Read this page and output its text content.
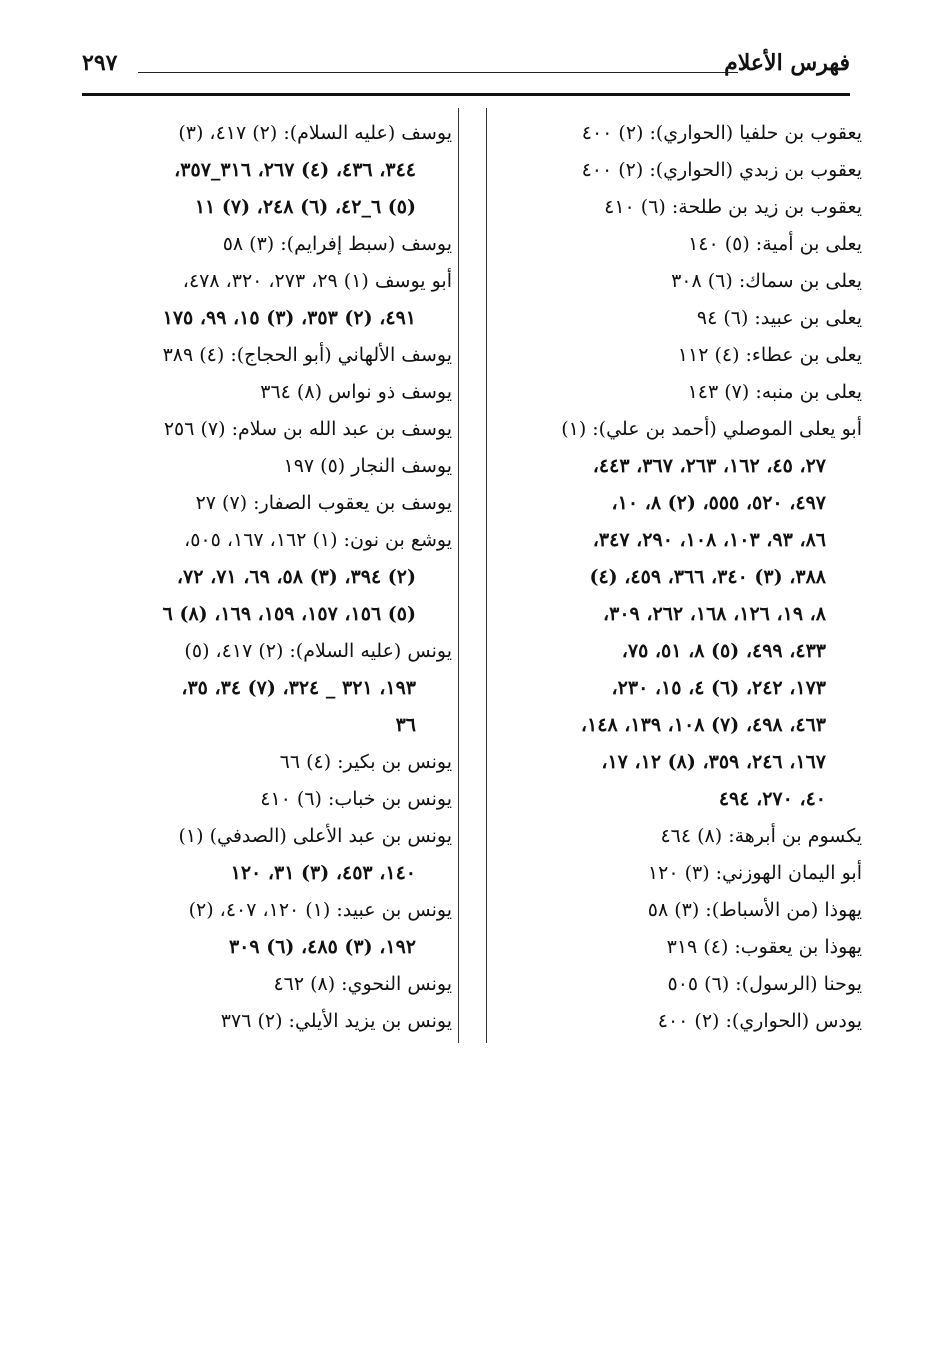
فهرس الأعلام
٢٩٧
يعقوب بن حلفيا (الحواري): (٢) ٤٠٠
يعقوب بن زبدي (الحواري): (٢) ٤٠٠
يعقوب بن زيد بن طلحة: (٦) ٤١٠
يعلى بن أمية: (٥) ١٤٠
يعلى بن سماك: (٦) ٣٠٨
يعلى بن عبيد: (٦) ٩٤
يعلى بن عطاء: (٤) ١١٢
يعلى بن منبه: (٧) ١٤٣
أبو يعلى الموصلي (أحمد بن علي): (١)
٢٧، ٤٥، ١٦٢، ٢٦٣، ٣٦٧، ٤٤٣،
٤٩٧، ٥٢٠، ٥٥٥، (٢) ٨، ١٠،
٨٦، ٩٣، ١٠٣، ١٠٨، ٢٩٠، ٣٤٧،
٣٨٨، (٣) ٣٤٠، ٣٦٦، ٤٥٩، (٤)
٨، ١٩، ١٢٦، ١٦٨، ٢٦٢، ٣٠٩،
٤٣٣، ٤٩٩، (٥) ٨، ٥١، ٧٥،
١٧٣، ٢٤٢، (٦) ٤، ١٥، ٢٣٠،
٤٦٣، ٤٩٨، (٧) ١٠٨، ١٣٩، ١٤٨،
١٦٧، ٢٤٦، ٣٥٩، (٨) ١٢، ١٧،
٤٠، ٢٧٠، ٤٩٤
يكسوم بن أبرهة: (٨) ٤٦٤
أبو اليمان الهوزني: (٣) ١٢٠
يهوذا (من الأسباط): (٣) ٥٨
يهوذا بن يعقوب: (٤) ٣١٩
يوحنا (الرسول): (٦) ٥٠٥
يودس (الحواري): (٢) ٤٠٠
يوسف (عليه السلام): (٢) ٤١٧، (٣)
٣٤٤، ٤٣٦، (٤) ٢٦٧، ٣١٦_٣٥٧،
(٥) ٦_٤٢، (٦) ٢٤٨، (٧) ١١
يوسف (سبط إفرايم): (٣) ٥٨
أبو يوسف (١) ٢٩، ٢٧٣، ٣٢٠، ٤٧٨،
٤٩١، (٢) ٣٥٣، (٣) ١٥، ٩٩، ١٧٥
يوسف الألهاني (أبو الحجاج): (٤) ٣٨٩
يوسف ذو نواس (٨) ٣٦٤
يوسف بن عبد الله بن سلام: (٧) ٢٥٦
يوسف النجار (٥) ١٩٧
يوسف بن يعقوب الصفار: (٧) ٢٧
يوشع بن نون: (١) ١٦٢، ١٦٧، ٥٠٥،
(٢) ٣٩٤، (٣) ٥٨، ٦٩، ٧١، ٧٢،
(٥) ١٥٦، ١٥٧، ١٥٩، ١٦٩، (٨) ٦
يونس (عليه السلام): (٢) ٤١٧، (٥)
١٩٣، ٣٢١ _ ٣٢٤، (٧) ٣٤، ٣٥،
٣٦
يونس بن بكير: (٤) ٦٦
يونس بن خباب: (٦) ٤١٠
يونس بن عبد الأعلى (الصدفي) (١)
١٤٠، ٤٥٣، (٣) ٣١، ١٢٠
يونس بن عبيد: (١) ١٢٠، ٤٠٧، (٢)
١٩٢، (٣) ٤٨٥، (٦) ٣٠٩
يونس النحوي: (٨) ٤٦٢
يونس بن يزيد الأيلي: (٢) ٣٧٦
